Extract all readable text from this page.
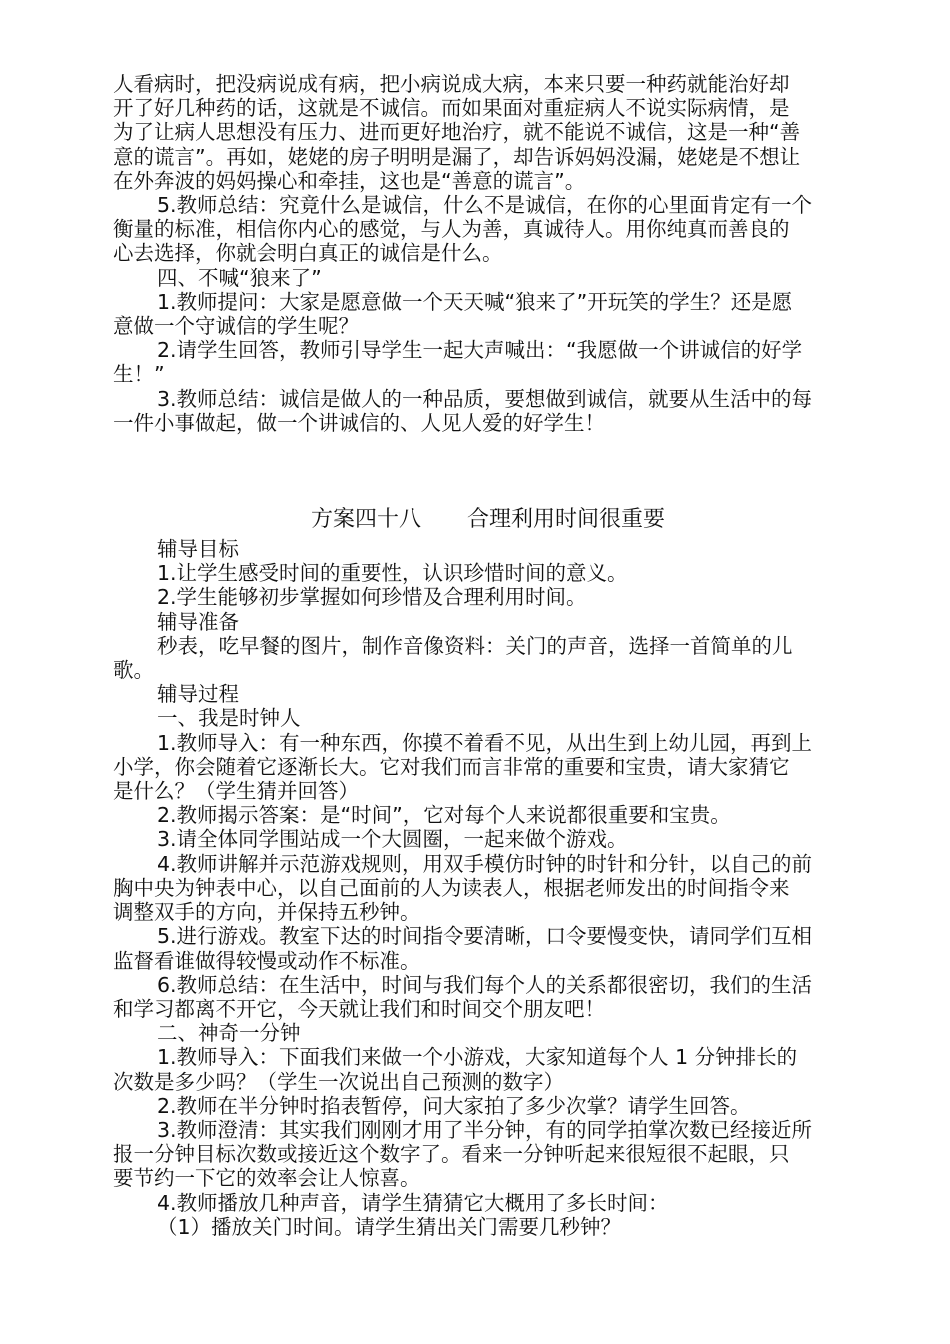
人看病时，把没病说成有病，把小病说成大病，本来只要一种药就能治好却
开了好几种药的话，这就是不诚信。而如果面对重症病人不说实际病情，是
为了让病人思想没有压力、进而更好地治疗，就不能说不诚信，这是一种“善
意的谎言”。再如，姥姥的房子明明是漏了，却告诉妈妈没漏，姥姥是不想让
在外奔波的妈妈操心和牵挂，这也是“善意的谎言”。
5.教师总结：究竟什么是诚信，什么不是诚信，在你的心里面肯定有一个
衡量的标准，相信你内心的感觉，与人为善，真诚待人。用你纯真而善良的
心去选择，你就会明白真正的诚信是什么。
四、不喊“狼来了”
1.教师提问：大家是愿意做一个天天喊“狼来了”开玩笑的学生？还是愿
意做一个守诚信的学生呢？
2.请学生回答，教师引导学生一起大声喊出：“我愿做一个讲诚信的好学
生！”
3.教师总结：诚信是做人的一种品质，要想做到诚信，就要从生活中的每
一件小事做起，做一个讲诚信的、人见人爱的好学生！
方案四十八 合理利用时间很重要
辅导目标
1.让学生感受时间的重要性，认识珍惜时间的意义。
2.学生能够初步掌握如何珍惜及合理利用时间。
辅导准备
秒表，吃早餐的图片，制作音像资料：关门的声音，选择一首简单的儿
歌。
辅导过程
一、我是时钟人
1.教师导入：有一种东西，你摸不着看不见，从出生到上幼儿园，再到上
小学，你会随着它逐渐长大。它对我们而言非常的重要和宝贵，请大家猜它
是什么？（学生猜并回答）
2.教师揭示答案：是“时间”，它对每个人来说都很重要和宝贵。
3.请全体同学围站成一个大圆圈，一起来做个游戏。
4.教师讲解并示范游戏规则，用双手模仿时钟的时针和分针，以自己的前
胸中央为钟表中心，以自己面前的人为读表人，根据老师发出的时间指令来
调整双手的方向，并保持五秒钟。
5.进行游戏。教室下达的时间指令要清晰，口令要慢变快，请同学们互相
监督看谁做得较慢或动作不标准。
6.教师总结：在生活中，时间与我们每个人的关系都很密切，我们的生活
和学习都离不开它，今天就让我们和时间交个朋友吧！
二、神奇一分钟
1.教师导入：下面我们来做一个小游戏，大家知道每个人 1 分钟排长的
次数是多少吗？（学生一次说出自己预测的数字）
2.教师在半分钟时掐表暂停，问大家拍了多少次掌？请学生回答。
3.教师澄清：其实我们刚刚才用了半分钟，有的同学拍掌次数已经接近所
报一分钟目标次数或接近这个数字了。看来一分钟听起来很短很不起眼，只
要节约一下它的效率会让人惊喜。
4.教师播放几种声音，请学生猜猜它大概用了多长时间：
（1）播放关门时间。请学生猜出关门需要几秒钟？
